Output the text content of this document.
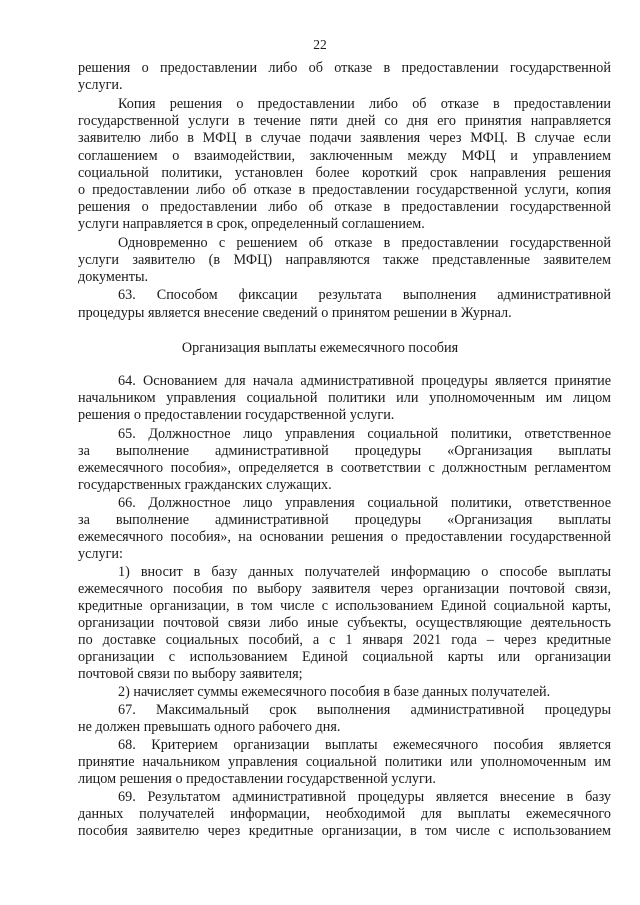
22
решения о предоставлении либо об отказе в предоставлении государственной
услуги.
Копия решения о предоставлении либо об отказе в предоставлении
государственной услуги в течение пяти дней со дня его принятия направляется
заявителю либо в МФЦ в случае подачи заявления через МФЦ. В случае если
соглашением о взаимодействии, заключенным между МФЦ и управлением
социальной политики, установлен более короткий срок направления решения
о предоставлении либо об отказе в предоставлении государственной услуги, копия
решения о предоставлении либо об отказе в предоставлении государственной
услуги направляется в срок, определенный соглашением.
Одновременно с решением об отказе в предоставлении государственной
услуги заявителю (в МФЦ) направляются также представленные заявителем
документы.
63. Способом фиксации результата выполнения административной
процедуры является внесение сведений о принятом решении в Журнал.
Организация выплаты ежемесячного пособия
64. Основанием для начала административной процедуры является принятие
начальником управления социальной политики или уполномоченным им лицом
решения о предоставлении государственной услуги.
65. Должностное лицо управления социальной политики, ответственное
за выполнение административной процедуры «Организация выплаты
ежемесячного пособия», определяется в соответствии с должностным регламентом
государственных гражданских служащих.
66. Должностное лицо управления социальной политики, ответственное
за выполнение административной процедуры «Организация выплаты
ежемесячного пособия», на основании решения о предоставлении государственной
услуги:
1) вносит в базу данных получателей информацию о способе выплаты
ежемесячного пособия по выбору заявителя через организации почтовой связи,
кредитные организации, в том числе с использованием Единой социальной карты,
организации почтовой связи либо иные субъекты, осуществляющие деятельность
по доставке социальных пособий, а с 1 января 2021 года – через кредитные
организации с использованием Единой социальной карты или организации
почтовой связи по выбору заявителя;
2) начисляет суммы ежемесячного пособия в базе данных получателей.
67. Максимальный срок выполнения административной процедуры
не должен превышать одного рабочего дня.
68. Критерием организации выплаты ежемесячного пособия является
принятие начальником управления социальной политики или уполномоченным им
лицом решения о предоставлении государственной услуги.
69. Результатом административной процедуры является внесение в базу
данных получателей информации, необходимой для выплаты ежемесячного
пособия заявителю через кредитные организации, в том числе с использованием
